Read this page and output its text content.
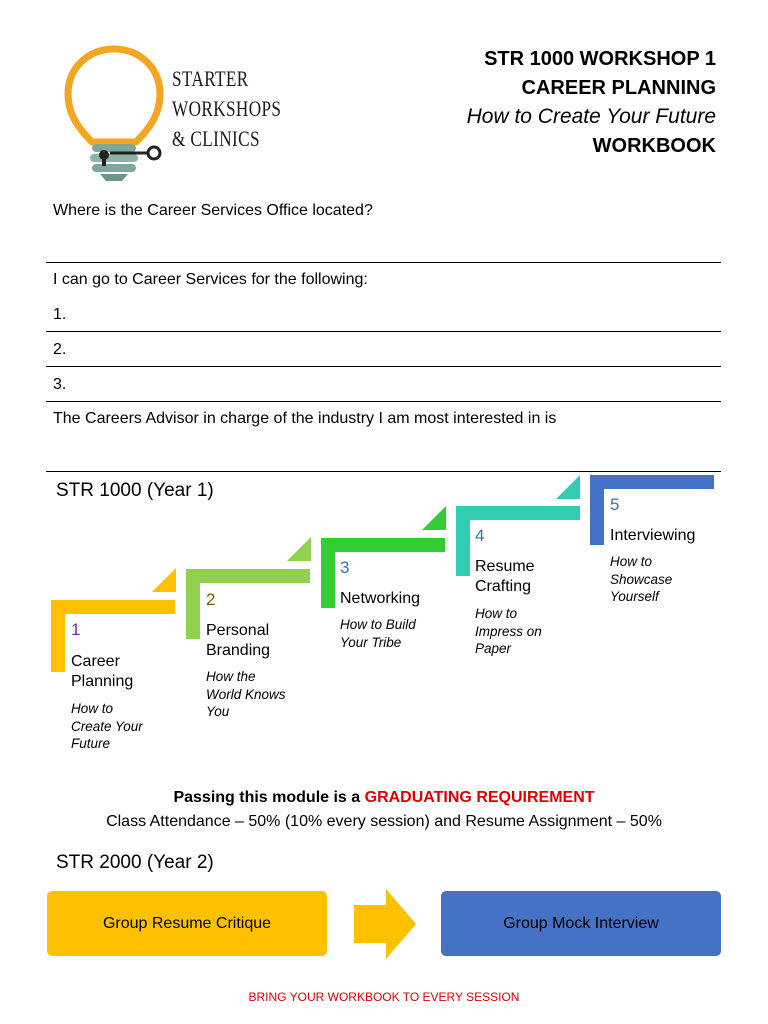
STARTER
WORKSHOPS
& CLINICS
STR 1000 WORKSHOP 1
CAREER PLANNING
How to Create Your Future
WORKBOOK
Where is the Career Services Office located?
I can go to Career Services for the following:
1.
2.
3.
The Careers Advisor in charge of the industry I am most interested in is
STR 1000 (Year 1)
1
Career
Planning
How to
Create Your
Future
2
Personal
Branding
How the
World Knows
You
3
Networking
How to Build
Your Tribe
4
Resume
Crafting
How to
Impress on
Paper
5
Interviewing
How to
Showcase
Yourself
Passing this module is a GRADUATING REQUIREMENT
Class Attendance – 50% (10% every session) and Resume Assignment – 50%
STR 2000 (Year 2)
Group Resume Critique	Group Mock Interview
BRING YOUR WORKBOOK TO EVERY SESSION
